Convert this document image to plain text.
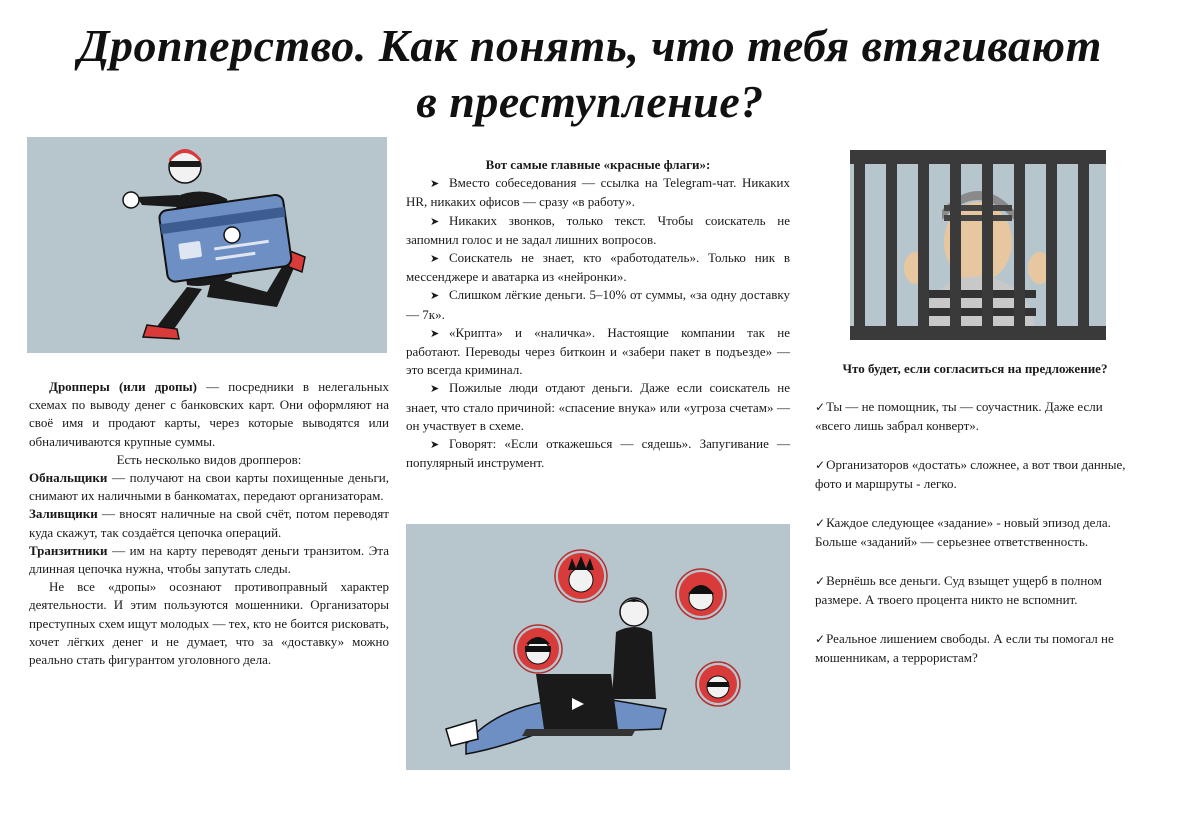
Дропперство. Как понять, что тебя втягивают
в преступление?

Дропперы (или дропы) — посредники в нелегальных схемах по выводу денег с банковских карт. Они оформляют на своё имя и продают карты, через которые выводятся или обналичиваются крупные суммы.

Есть несколько видов дропперов:

Обнальщики — получают на свои карты похищенные деньги, снимают их наличными в банкоматах, передают организаторам.

Заливщики — вносят наличные на свой счёт, потом переводят куда скажут, так создаётся цепочка операций.

Транзитники — им на карту переводят деньги транзитом. Эта длинная цепочка нужна, чтобы запутать следы.

Не все «дропы» осознают противоправный характер деятельности. И этим пользуются мошенники. Организаторы преступных схем ищут молодых — тех, кто не боится рисковать, хочет лёгких денег и не думает, что за «доставку» можно реально стать фигурантом уголовного дела.

Вот самые главные «красные флаги»:

➤ Вместо собеседования — ссылка на Telegram-чат. Никаких HR, никаких офисов — сразу «в работу».

➤ Никаких звонков, только текст. Чтобы соискатель не запомнил голос и не задал лишних вопросов.

➤ Соискатель не знает, кто «работодатель». Только ник в мессенджере и аватарка из «нейронки».

➤ Слишком лёгкие деньги. 5–10% от суммы, «за одну доставку — 7к».

➤ «Крипта» и «наличка». Настоящие компании так не работают. Переводы через биткоин и «забери пакет в подъезде» — это всегда криминал.

➤ Пожилые люди отдают деньги. Даже если соискатель не знает, что стало причиной: «спасение внука» или «угроза счетам» — он участвует в схеме.

➤ Говорят: «Если откажешься — сядешь». Запугивание — популярный инструмент.

Что будет, если согласиться на предложение?

✓Ты — не помощник, ты — соучастник. Даже если «всего лишь забрал конверт».

✓Организаторов «достать» сложнее, а вот твои данные, фото и маршруты - легко.

✓Каждое следующее «задание» - новый эпизод дела. Больше «заданий» — серьезнее ответственность.

✓Вернёшь все деньги. Суд взыщет ущерб в полном размере. А твоего процента никто не вспомнит.

✓Реальное лишением свободы. А если ты помогал не мошенникам, а террористам?
